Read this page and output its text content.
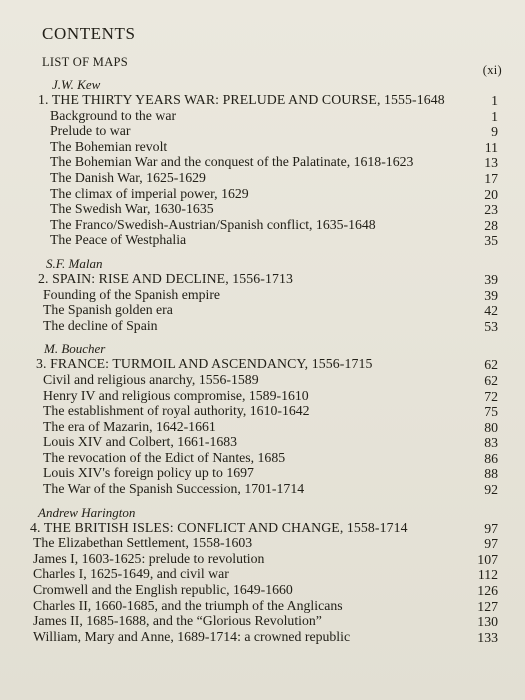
CONTENTS
LIST OF MAPS
(xi)
J.W. Kew
1. THE THIRTY YEARS WAR: PRELUDE AND COURSE, 1555-1648	1
Background to the war	1
Prelude to war	9
The Bohemian revolt	11
The Bohemian War and the conquest of the Palatinate, 1618-1623	13
The Danish War, 1625-1629	17
The climax of imperial power, 1629	20
The Swedish War, 1630-1635	23
The Franco/Swedish-Austrian/Spanish conflict, 1635-1648	28
The Peace of Westphalia	35
S.F. Malan
2. SPAIN: RISE AND DECLINE, 1556-1713	39
Founding of the Spanish empire	39
The Spanish golden era	42
The decline of Spain	53
M. Boucher
3. FRANCE: TURMOIL AND ASCENDANCY, 1556-1715	62
Civil and religious anarchy, 1556-1589	62
Henry IV and religious compromise, 1589-1610	72
The establishment of royal authority, 1610-1642	75
The era of Mazarin, 1642-1661	80
Louis XIV and Colbert, 1661-1683	83
The revocation of the Edict of Nantes, 1685	86
Louis XIV's foreign policy up to 1697	88
The War of the Spanish Succession, 1701-1714	92
Andrew Harington
4. THE BRITISH ISLES: CONFLICT AND CHANGE, 1558-1714	97
The Elizabethan Settlement, 1558-1603	97
James I, 1603-1625: prelude to revolution	107
Charles I, 1625-1649, and civil war	112
Cromwell and the English republic, 1649-1660	126
Charles II, 1660-1685, and the triumph of the Anglicans	127
James II, 1685-1688, and the “Glorious Revolution”	130
William, Mary and Anne, 1689-1714: a crowned republic	133
